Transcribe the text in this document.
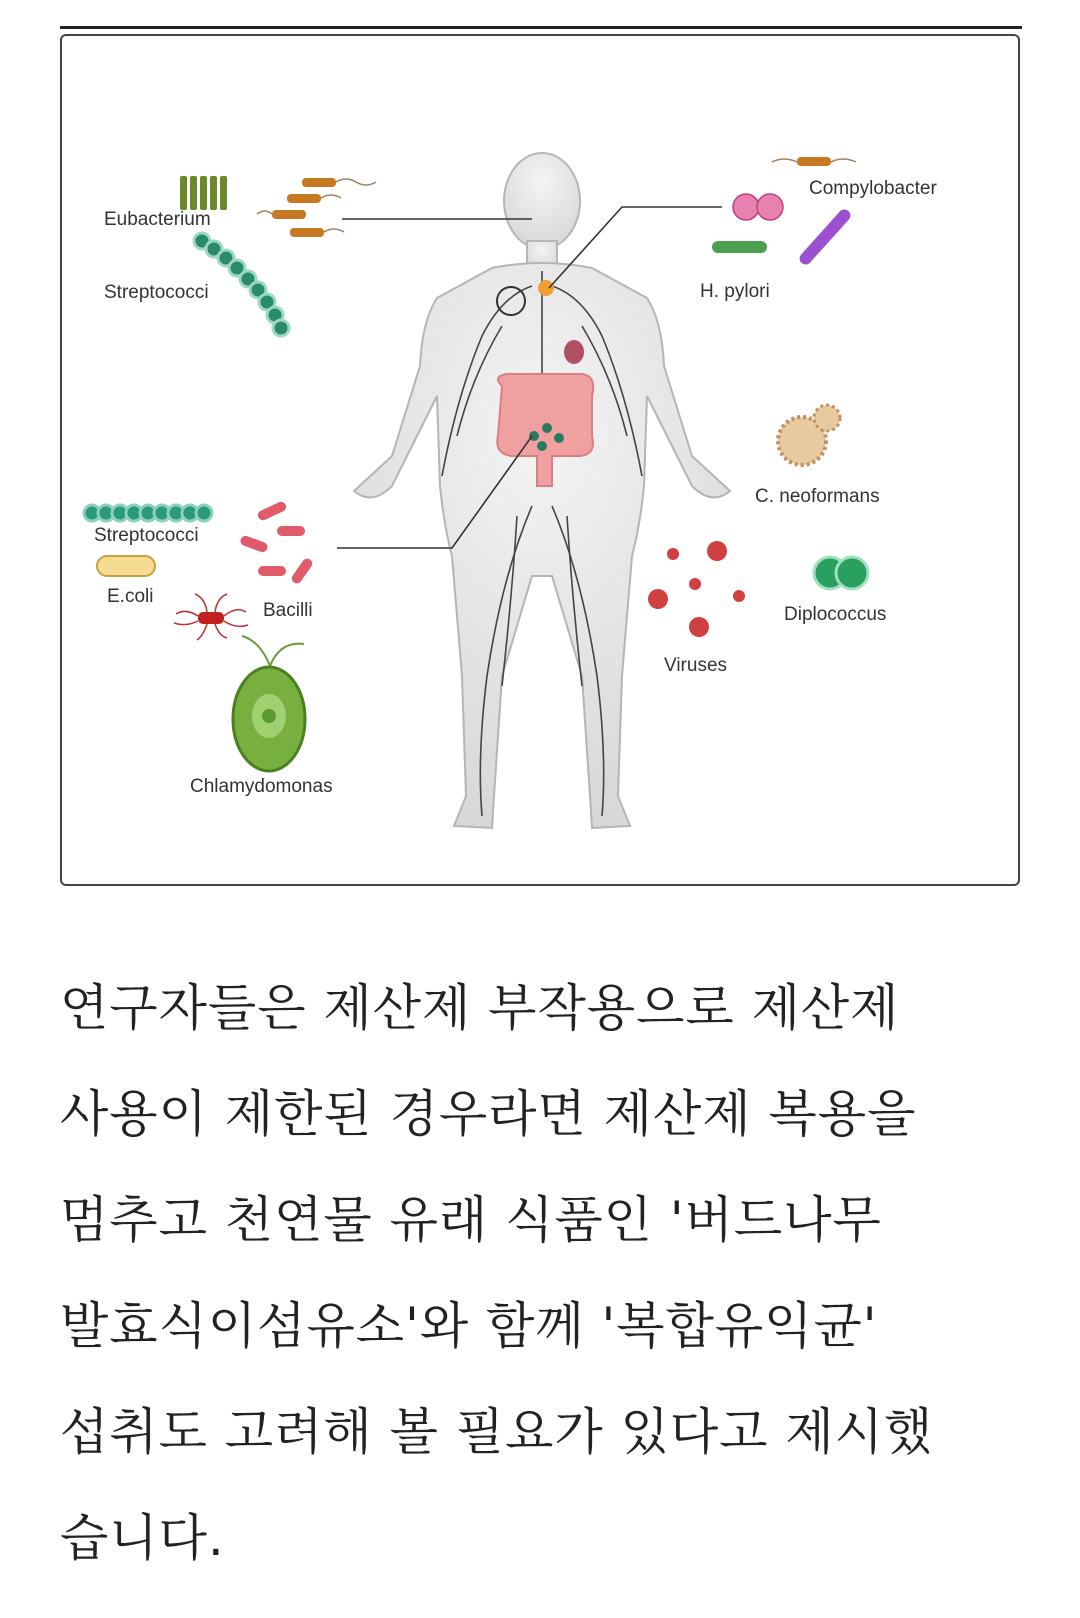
Eubacterium
Streptococci
Compylobacter
H. pylori
C. neoformans
Streptococci
E.coli
Bacilli	Diplococcus
Viruses
Chlamydomonas
연구자들은 제산제 부작용으로 제산제
사용이 제한된 경우라면 제산제 복용을
멈추고 천연물 유래 식품인 '버드나무
발효식이섬유소'와 함께 '복합유익균'
섭취도 고려해 볼 필요가 있다고 제시했
습니다.
